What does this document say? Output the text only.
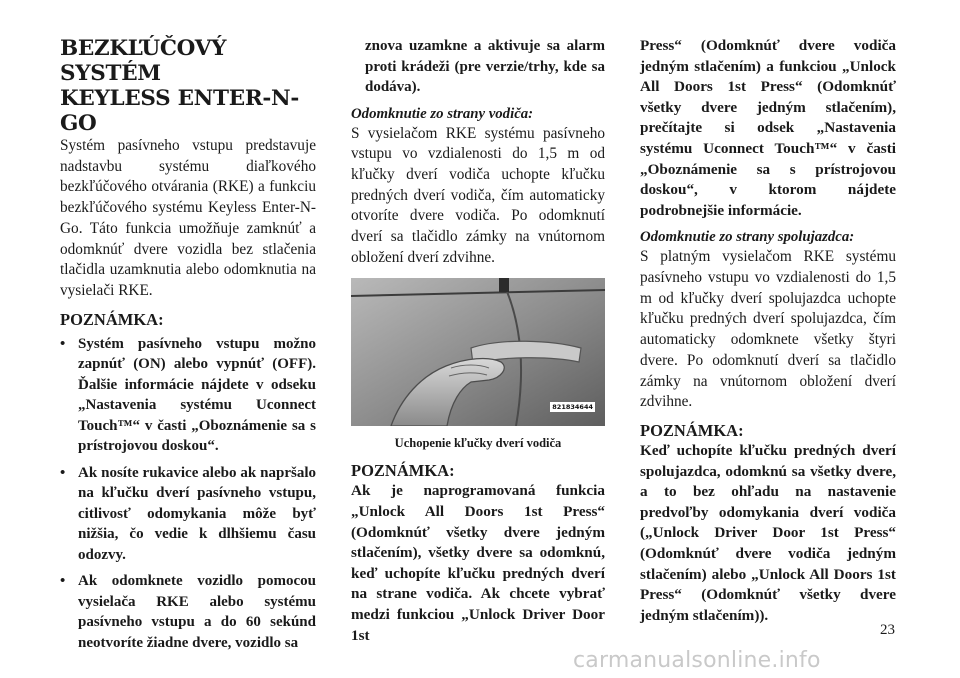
BEZKĽÚČOVÝ SYSTÉM
KEYLESS ENTER-N-GO

Systém pasívneho vstupu predstavuje nadstavbu systému diaľkového bezkľúčového otvárania (RKE) a funkciu bezkľúčového systému Keyless Enter-N-Go. Táto funkcia umožňuje zamknúť a odomknúť dvere vozidla bez stlačenia tlačidla uzamknutia alebo odomknutia na vysielači RKE.

POZNÁMKA:
• Systém pasívneho vstupu možno zapnúť (ON) alebo vypnúť (OFF). Ďalšie informácie nájdete v odseku „Nastavenia systému Uconnect Touch™“ v časti „Oboznámenie sa s prístrojovou doskou“.
• Ak nosíte rukavice alebo ak napršalo na kľučku dverí pasívneho vstupu, citlivosť odomykania môže byť nižšia, čo vedie k dlhšiemu času odozvy.
• Ak odomknete vozidlo pomocou vysielača RKE alebo systému pasívneho vstupu a do 60 sekúnd neotvoríte žiadne dvere, vozidlo sa

znova uzamkne a aktivuje sa alarm proti krádeži (pre verzie/trhy, kde sa dodáva).

Odomknutie zo strany vodiča:

S vysielačom RKE systému pasívneho vstupu vo vzdialenosti do 1,5 m od kľučky dverí vodiča uchopte kľučku predných dverí vodiča, čím automaticky otvoríte dvere vodiča. Po odomknutí dverí sa tlačidlo zámky na vnútornom obložení dverí zdvihne.

821834644
Uchopenie kľučky dverí vodiča
POZNÁMKA:

Ak je naprogramovaná funkcia „Unlock All Doors 1st Press“ (Odomknúť všetky dvere jedným stlačením), všetky dvere sa odomknú, keď uchopíte kľučku predných dverí na strane vodiča. Ak chcete vybrať medzi funkciou „Unlock Driver Door 1st

Press“ (Odomknúť dvere vodiča jedným stlačením) a funkciou „Unlock All Doors 1st Press“ (Odomknúť všetky dvere jedným stlačením), prečítajte si odsek „Nastavenia systému Uconnect Touch™“ v časti „Oboznámenie sa s prístrojovou doskou“, v ktorom nájdete podrobnejšie informácie.

Odomknutie zo strany spolujazdca:

S platným vysielačom RKE systému pasívneho vstupu vo vzdialenosti do 1,5 m od kľučky dverí spolujazdca uchopte kľučku predných dverí spolujazdca, čím automaticky odomknete všetky štyri dvere. Po odomknutí dverí sa tlačidlo zámky na vnútornom obložení dverí zdvihne.

POZNÁMKA:

Keď uchopíte kľučku predných dverí spolujazdca, odomknú sa všetky dvere, a to bez ohľadu na nastavenie predvoľby odomykania dverí vodiča („Unlock Driver Door 1st Press“ (Odomknúť dvere vodiča jedným stlačením) alebo „Unlock All Doors 1st Press“ (Odomknúť všetky dvere jedným stlačením)).

23
carmanualsonline.info
